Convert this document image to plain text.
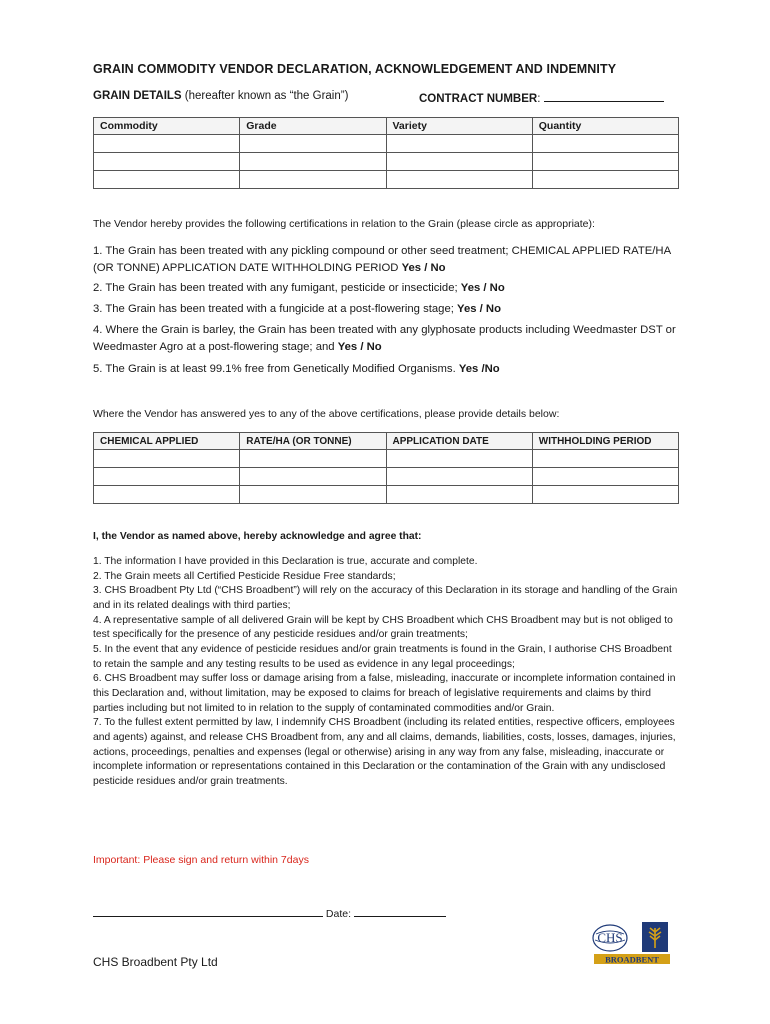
GRAIN COMMODITY VENDOR DECLARATION, ACKNOWLEDGEMENT AND INDEMNITY
GRAIN DETAILS (hereafter known as “the Grain”)	CONTRACT NUMBER:
Commodity	Grade	Variety	Quantity

The Vendor hereby provides the following certifications in relation to the Grain (please circle as appropriate):
1. The Grain has been treated with any pickling compound or other seed treatment; CHEMICAL APPLIED RATE/HA (OR TONNE) APPLICATION DATE WITHHOLDING PERIOD Yes / No
2. The Grain has been treated with any fumigant, pesticide or insecticide; Yes / No
3. The Grain has been treated with a fungicide at a post-flowering stage; Yes / No
4. Where the Grain is barley, the Grain has been treated with any glyphosate products including Weedmaster DST or Weedmaster Agro at a post-flowering stage; and Yes / No
5. The Grain is at least 99.1% free from Genetically Modified Organisms. Yes /No
Where the Vendor has answered yes to any of the above certifications, please provide details below:
CHEMICAL APPLIED	RATE/HA (OR TONNE)	APPLICATION DATE	WITHHOLDING PERIOD

I, the Vendor as named above, hereby acknowledge and agree that:

1. The information I have provided in this Declaration is true, accurate and complete.

2. The Grain meets all Certified Pesticide Residue Free standards;

3. CHS Broadbent Pty Ltd (“CHS Broadbent”) will rely on the accuracy of this Declaration in its storage and handling of the Grain and in its related dealings with third parties;

4. A representative sample of all delivered Grain will be kept by CHS Broadbent which CHS Broadbent may but is not obliged to test specifically for the presence of any pesticide residues and/or grain treatments;

5. In the event that any evidence of pesticide residues and/or grain treatments is found in the Grain, I authorise CHS Broadbent to retain the sample and any testing results to be used as evidence in any legal proceedings;

6. CHS Broadbent may suffer loss or damage arising from a false, misleading, inaccurate or incomplete information contained in this Declaration and, without limitation, may be exposed to claims for breach of legislative requirements and claims by third parties including but not limited to in relation to the supply of contaminated commodities and/or Grain.

7. To the fullest extent permitted by law, I indemnify CHS Broadbent (including its related entities, respective officers, employees and agents) against, and release CHS Broadbent from, any and all claims, demands, liabilities, costs, losses, damages, injuries, actions, proceedings, penalties and expenses (legal or otherwise) arising in any way from any false, misleading, inaccurate or incomplete information or representations contained in this Declaration or the contamination of the Grain with any undisclosed pesticide residues and/or grain treatments.

Important: Please sign and return within 7days
Date:
CHS Broadbent Pty Ltd
CHS
BROADBENT
